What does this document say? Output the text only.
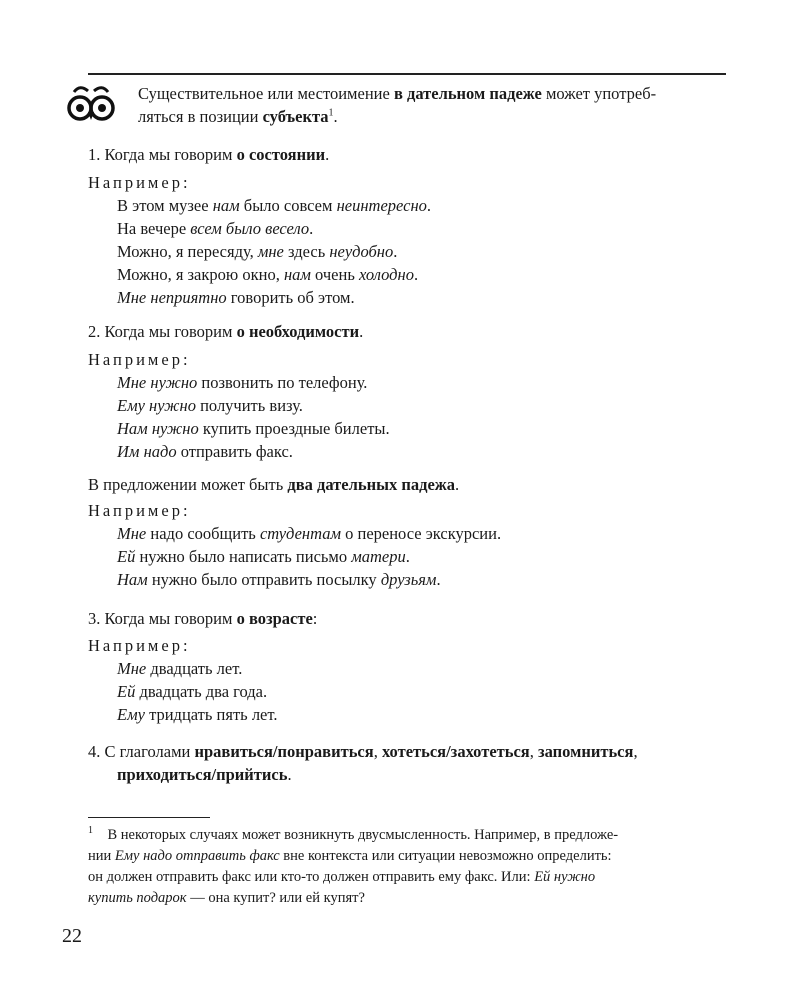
Существительное или местоимение в дательном падеже может употреб-
ляться в позиции субъекта$^1$.
1. Когда мы говорим о состоянии.
Например:
В этом музее нам было совсем неинтересно.
На вечере всем было весело.
Можно, я пересяду, мне здесь неудобно.
Можно, я закрою окно, нам очень холодно.
Мне неприятно говорить об этом.
2. Когда мы говорим о необходимости.
Например:
Мне нужно позвонить по телефону.
Ему нужно получить визу.
Нам нужно купить проездные билеты.
Им надо отправить факс.
В предложении может быть два дательных падежа.
Например:
Мне надо сообщить студентам о переносе экскурсии.
Ей нужно было написать письмо матери.
Нам нужно было отправить посылку друзьям.
3. Когда мы говорим о возрасте:
Например:
Мне двадцать лет.
Ей двадцать два года.
Ему тридцать пять лет.
4. С глаголами нравиться/понравиться, хотеться/захотеться, запомниться,
приходиться/прийтись.
$^1$ В некоторых случаях может возникнуть двусмысленность. Например, в предложе-
нии Ему надо отправить факс вне контекста или ситуации невозможно определить:
он должен отправить факс или кто-то должен отправить ему факс. Или: Ей нужно
купить подарок — она купит? или ей купят?
22
